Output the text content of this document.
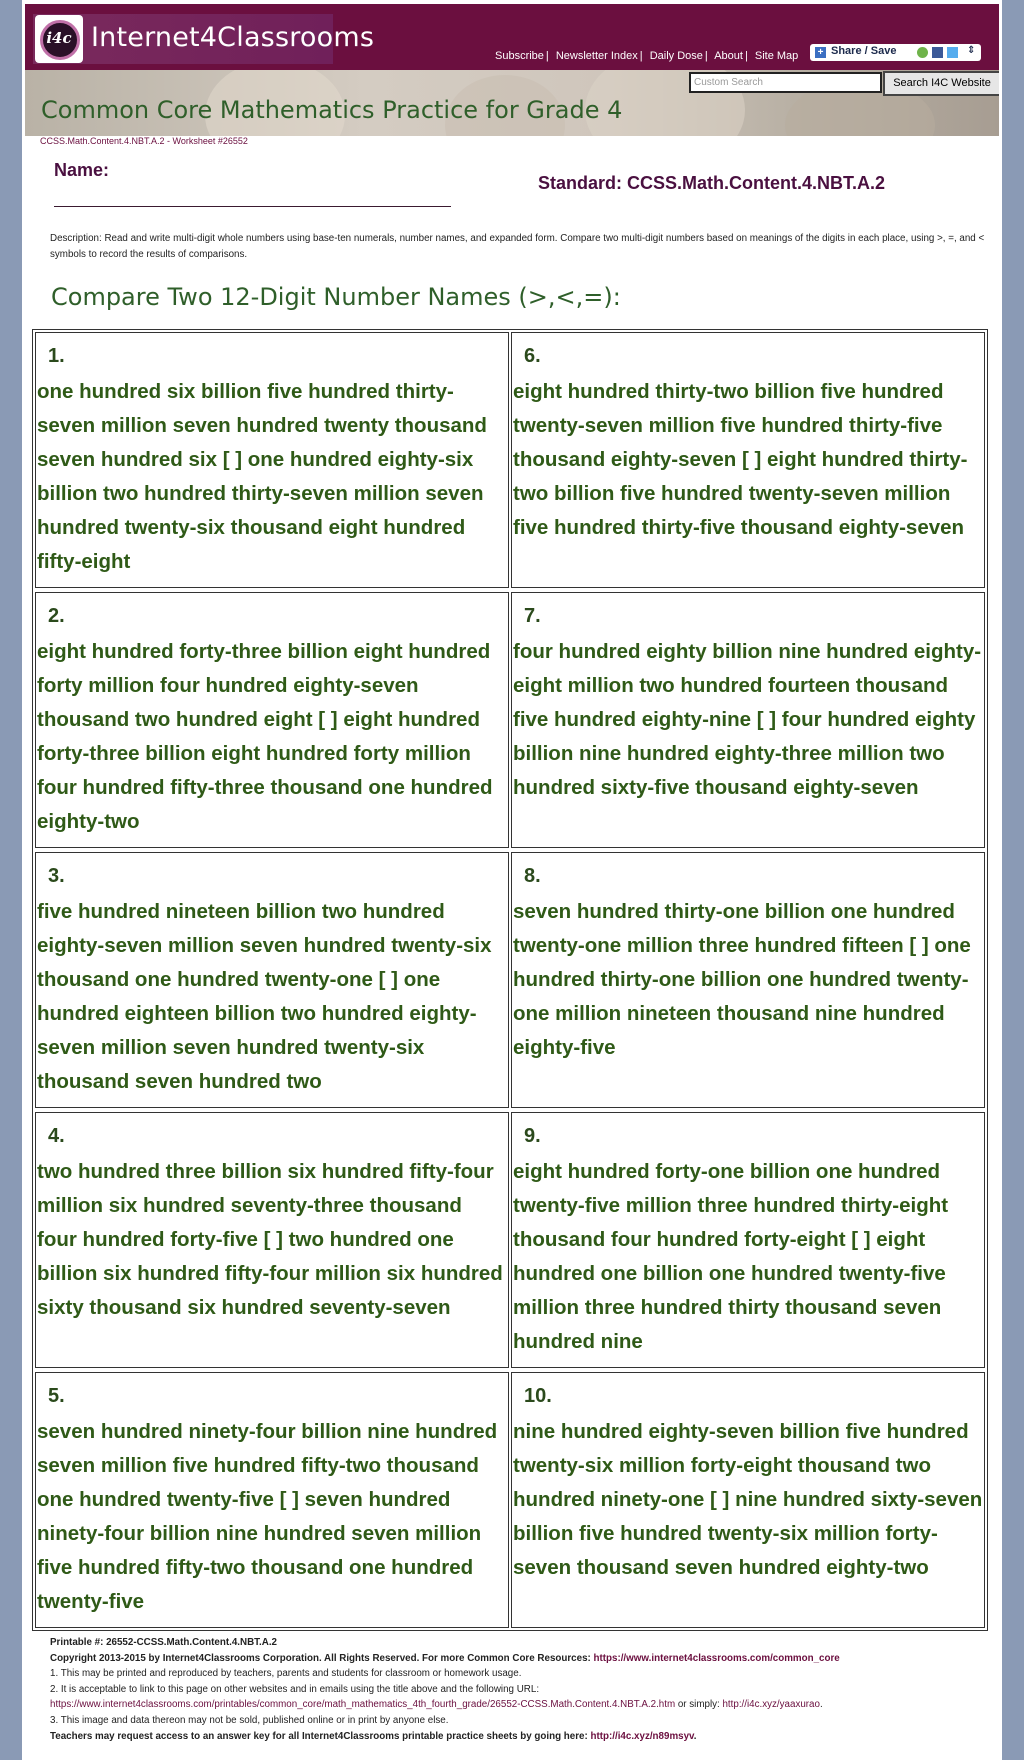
i4c Internet4Classrooms
Subscribe | Newsletter Index | Daily Dose | About | Site Map + Share / Save	⇕
Common Core Mathematics Practice for Grade 4
Custom Search	Search I4C Website
CCSS.Math.Content.4.NBT.A.2 - Worksheet #26552
Name:
Standard: CCSS.Math.Content.4.NBT.A.2
Description: Read and write multi-digit whole numbers using base-ten numerals, number names, and expanded form. Compare two multi-digit numbers based on meanings of the digits in each place, using >, =, and < symbols to record the results of comparisons.
Compare Two 12-Digit Number Names (>,<,=):
1.
one hundred six billion five hundred thirty-seven million seven hundred twenty thousand seven hundred six [ ] one hundred eighty-six billion two hundred thirty-seven million seven hundred twenty-six thousand eight hundred fifty-eight
2.
eight hundred forty-three billion eight hundred forty million four hundred eighty-seven thousand two hundred eight [ ] eight hundred forty-three billion eight hundred forty million four hundred fifty-three thousand one hundred eighty-two
3.
five hundred nineteen billion two hundred eighty-seven million seven hundred twenty-six thousand one hundred twenty-one [ ] one hundred eighteen billion two hundred eighty-seven million seven hundred twenty-six thousand seven hundred two
4.
two hundred three billion six hundred fifty-four million six hundred seventy-three thousand four hundred forty-five [ ] two hundred one billion six hundred fifty-four million six hundred sixty thousand six hundred seventy-seven
5.
seven hundred ninety-four billion nine hundred seven million five hundred fifty-two thousand one hundred twenty-five [ ] seven hundred ninety-four billion nine hundred seven million five hundred fifty-two thousand one hundred twenty-five
6.
eight hundred thirty-two billion five hundred twenty-seven million five hundred thirty-five thousand eighty-seven [ ] eight hundred thirty-two billion five hundred twenty-seven million five hundred thirty-five thousand eighty-seven
7.
four hundred eighty billion nine hundred eighty-eight million two hundred fourteen thousand five hundred eighty-nine [ ] four hundred eighty billion nine hundred eighty-three million two hundred sixty-five thousand eighty-seven
8.
seven hundred thirty-one billion one hundred twenty-one million three hundred fifteen [ ] one hundred thirty-one billion one hundred twenty-one million nineteen thousand nine hundred eighty-five
9.
eight hundred forty-one billion one hundred twenty-five million three hundred thirty-eight thousand four hundred forty-eight [ ] eight hundred one billion one hundred twenty-five million three hundred thirty thousand seven hundred nine
10.
nine hundred eighty-seven billion five hundred twenty-six million forty-eight thousand two hundred ninety-one [ ] nine hundred sixty-seven billion five hundred twenty-six million forty-seven thousand seven hundred eighty-two
Printable #: 26552-CCSS.Math.Content.4.NBT.A.2
Copyright 2013-2015 by Internet4Classrooms Corporation. All Rights Reserved. For more Common Core Resources: https://www.internet4classrooms.com/common_core
1. This may be printed and reproduced by teachers, parents and students for classroom or homework usage.
2. It is acceptable to link to this page on other websites and in emails using the title above and the following URL:
https://www.internet4classrooms.com/printables/common_core/math_mathematics_4th_fourth_grade/26552-CCSS.Math.Content.4.NBT.A.2.htm or simply: http://i4c.xyz/yaaxurao.
3. This image and data thereon may not be sold, published online or in print by anyone else.
Teachers may request access to an answer key for all Internet4Classrooms printable practice sheets by going here: http://i4c.xyz/n89msyv.
